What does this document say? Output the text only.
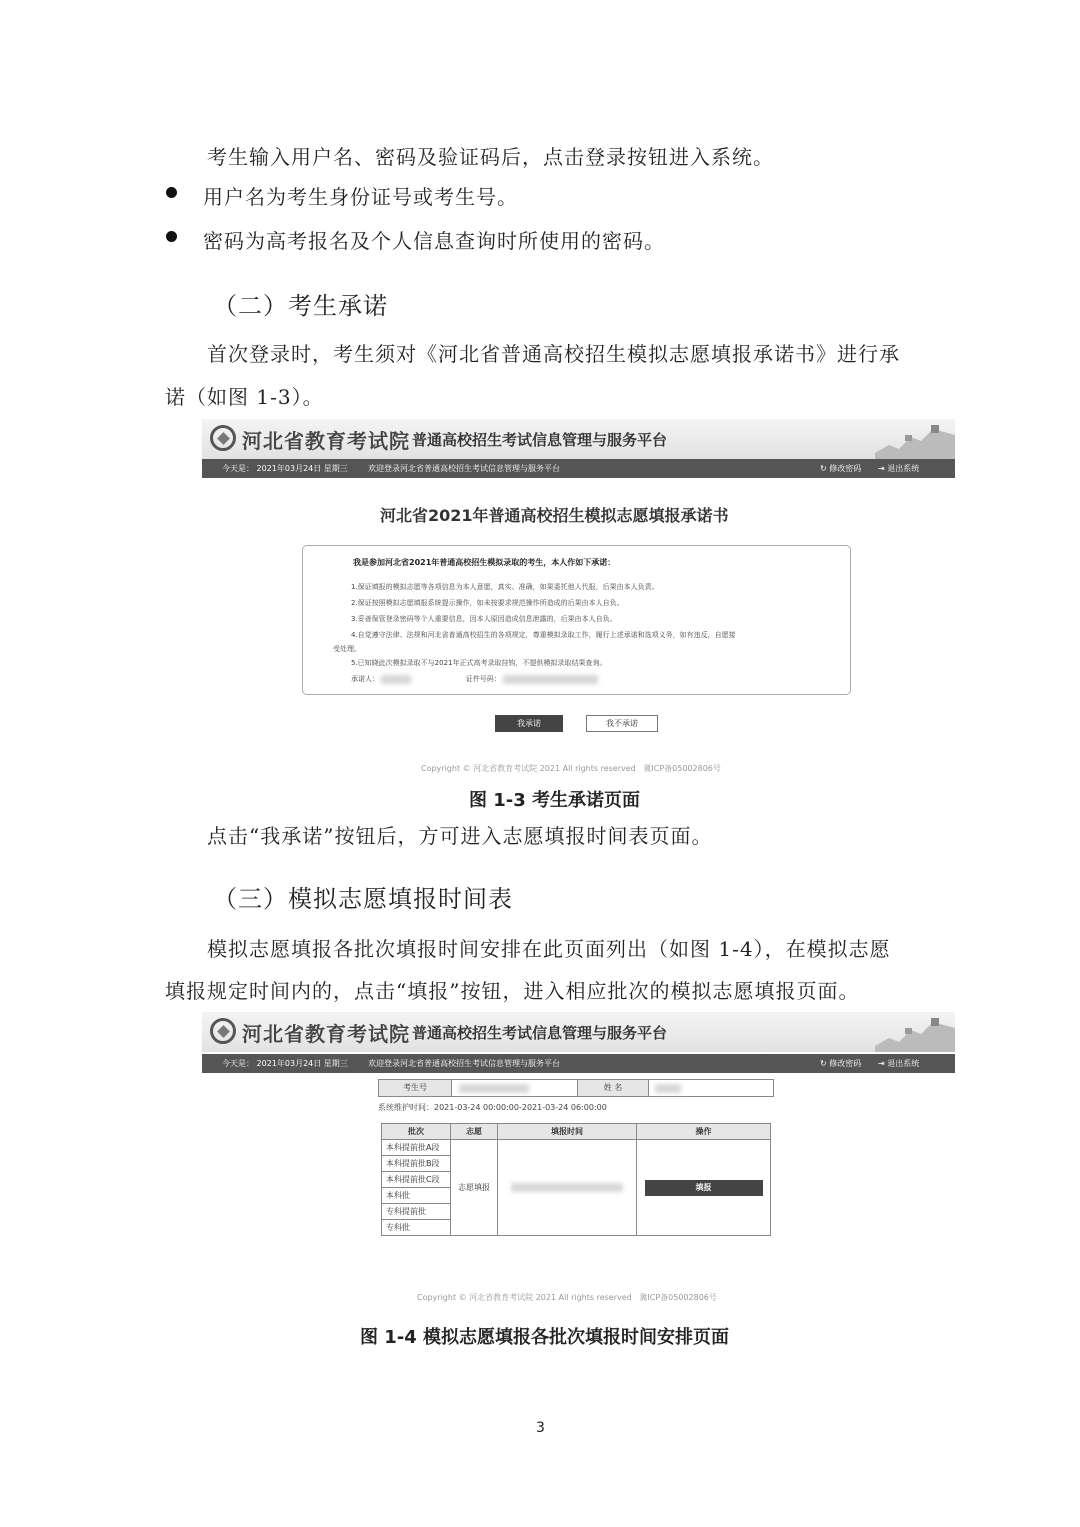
考生输入用户名、密码及验证码后，点击登录按钮进入系统。
用户名为考生身份证号或考生号。
密码为高考报名及个人信息查询时所使用的密码。
（二）考生承诺
首次登录时，考生须对《河北省普通高校招生模拟志愿填报承诺书》进行承
诺（如图 1-3）。
河北省教育考试院 普通高校招生考试信息管理与服务平台
今天是： 2021年03月24日 星期三	欢迎登录河北省普通高校招生考试信息管理与服务平台	↻ 修改密码 ⇥ 退出系统
河北省2021年普通高校招生模拟志愿填报承诺书
我是参加河北省2021年普通高校招生模拟录取的考生，本人作如下承诺：
1.保证填报的模拟志愿等各项信息为本人意愿，真实、准确，如果委托他人代报，后果由本人负责。
2.保证按照模拟志愿填报系统提示操作，如未按要求规范操作所造成的后果由本人自负。
3.妥善保管登录密码等个人重要信息，因本人原因造成信息泄露的，后果由本人自负。
4.自觉遵守法律、法规和河北省普通高校招生的各项规定，尊重模拟录取工作，履行上述承诺和选项义务，如有违反，自愿接
受处理。
5.已知晓此次模拟录取不与2021年正式高考录取挂钩，不提供模拟录取结果查询。
承诺人：	证件号码：
我承诺	我不承诺
Copyright © 河北省教育考试院 2021 All rights reserved 冀ICP备05002806号
图 1-3 考生承诺页面
点击“我承诺”按钮后，方可进入志愿填报时间表页面。
（三）模拟志愿填报时间表
模拟志愿填报各批次填报时间安排在此页面列出（如图 1-4），在模拟志愿
填报规定时间内的，点击“填报”按钮，进入相应批次的模拟志愿填报页面。
河北省教育考试院 普通高校招生考试信息管理与服务平台
今天是： 2021年03月24日 星期三	欢迎登录河北省普通高校招生考试信息管理与服务平台	↻ 修改密码 ⇥ 退出系统
考生号	姓 名
系统维护时间：2021-03-24 00:00:00-2021-03-24 06:00:00
批次	志愿	填报时间	操作
本科提前批A段	志愿填报		填报
本科提前批B段			
本科提前批C段			
本科批			
专科提前批			
专科批			
Copyright © 河北省教育考试院 2021 All rights reserved 冀ICP备05002806号
图 1-4 模拟志愿填报各批次填报时间安排页面
3
